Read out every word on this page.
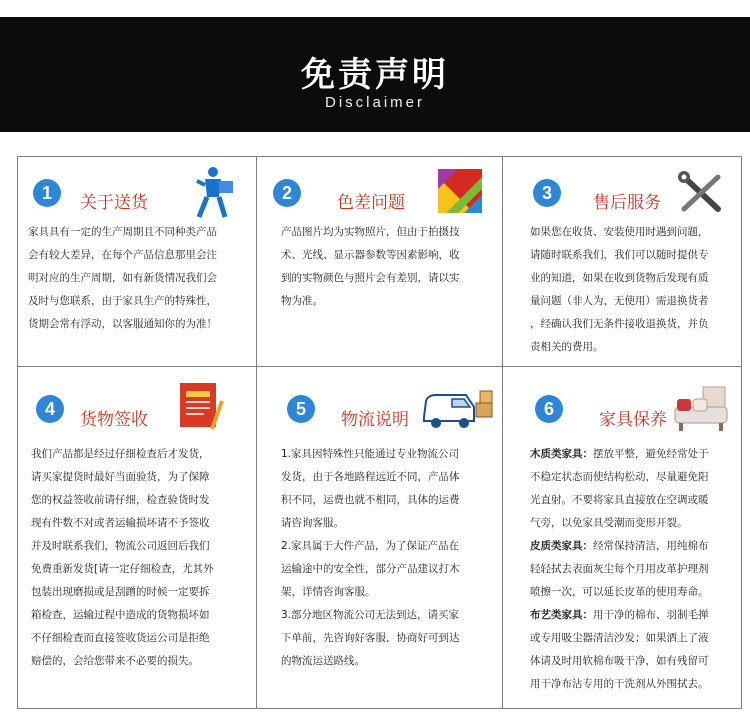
免责声明
Disclaimer
1	关于送货

家具具有一定的生产周期且不同种类产品

会有较大差异，在每个产品信息那里会注

明对应的生产周期，如有新货情况我们会

及时与您联系，由于家具生产的特殊性，

货期会常有浮动，以客服通知你的为准！

2	色差问题

产品图片均为实物照片，但由于拍摄技

术、光线、显示器参数等因素影响，收

到的实物颜色与照片会有差别，请以实

物为准。

3	售后服务

如果您在收货、安装使用时遇到问题，

请随时联系我们，我们可以随时提供专

业的知道，如果在收到货物后发现有质

量问题（非人为，无使用）需退换货者

，经确认我们无条件接收退换货，并负

责相关的费用。

4
货物签收

我们产品都是经过仔细检查后才发货，

请买家提货时最好当面验货，为了保障

您的权益签收前请仔细，检查验货时发

现有件数不对或者运输损坏请不予签收

并及时联系我们，物流公司返回后我们

免费重新发货[请一定仔细检查，尤其外

包装出现磨损或是刮蹭的时候一定要拆

箱检查，运输过程中造成的货物损坏如

不仔细检查而直接签收货运公司是拒绝

赔偿的，会给您带来不必要的损失。

5
物流说明

1.家具因特殊性只能通过专业物流公司

发货，由于各地路程远近不同，产品体

积不同，运费也就不相同，具体的运费

请咨询客服。

2.家具属于大件产品，为了保证产品在

运输途中的安全性，部分产品建议打木

架，详情咨询客服。

3.部分地区物流公司无法到达，请买家

下单前，先咨询好客服，协商好可到达

的物流运送路线。

6
家具保养

木质类家具：摆放平整，避免经常处于

不稳定状态而使结构松动，尽量避免阳

光直射。不要将家具直接放在空调或暖

气旁，以免家具受潮而变形开裂。

皮质类家具：经常保持清洁，用纯棉布

轻轻拭去表面灰尘每个月用皮革护理剂

喷擦一次，可以延长皮革的使用寿命。

布艺类家具：用干净的棉布、羽制毛掸

或专用吸尘器清洁沙发；如果洒上了液

体请及时用软棉布吸干净，如有残留可

用干净布沾专用的干洗剂从外围拭去。
